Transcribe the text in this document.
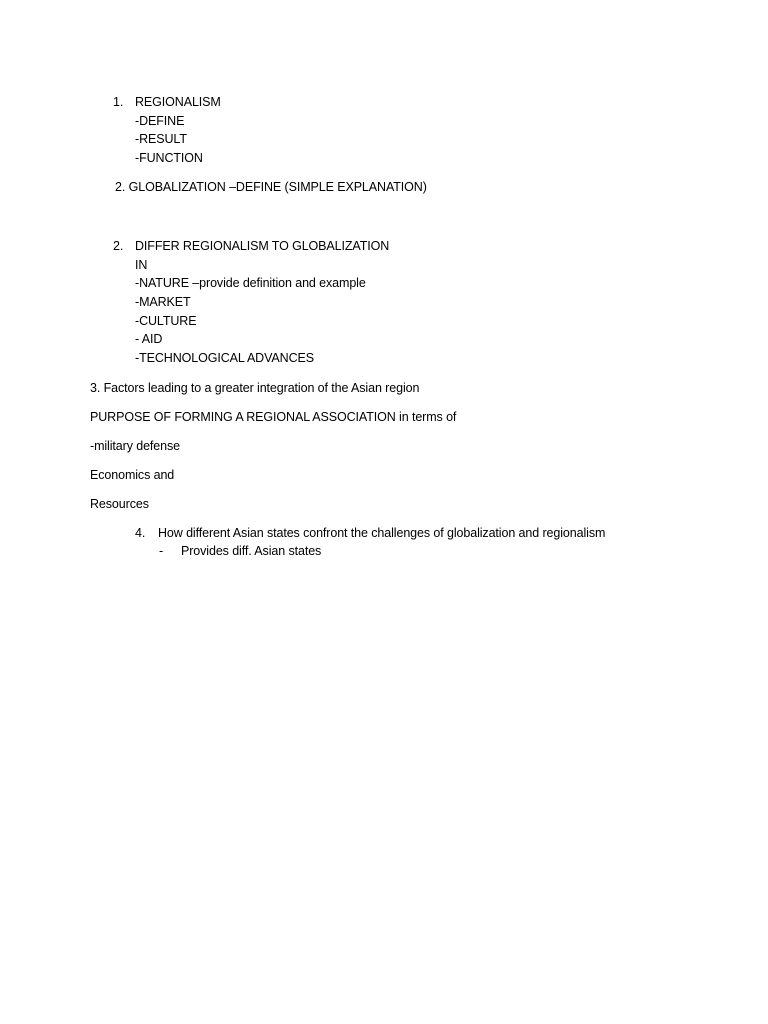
1. REGIONALISM
-DEFINE
-RESULT
-FUNCTION
2. GLOBALIZATION –DEFINE (SIMPLE EXPLANATION)
2. DIFFER REGIONALISM TO GLOBALIZATION
IN
-NATURE –provide definition and example
-MARKET
-CULTURE
- AID
-TECHNOLOGICAL ADVANCES
3. Factors leading to a greater integration of the Asian region
PURPOSE OF FORMING A REGIONAL ASSOCIATION in terms of
-military defense
Economics and
Resources
4. How different Asian states confront the challenges of globalization and regionalism
- Provides diff. Asian states
